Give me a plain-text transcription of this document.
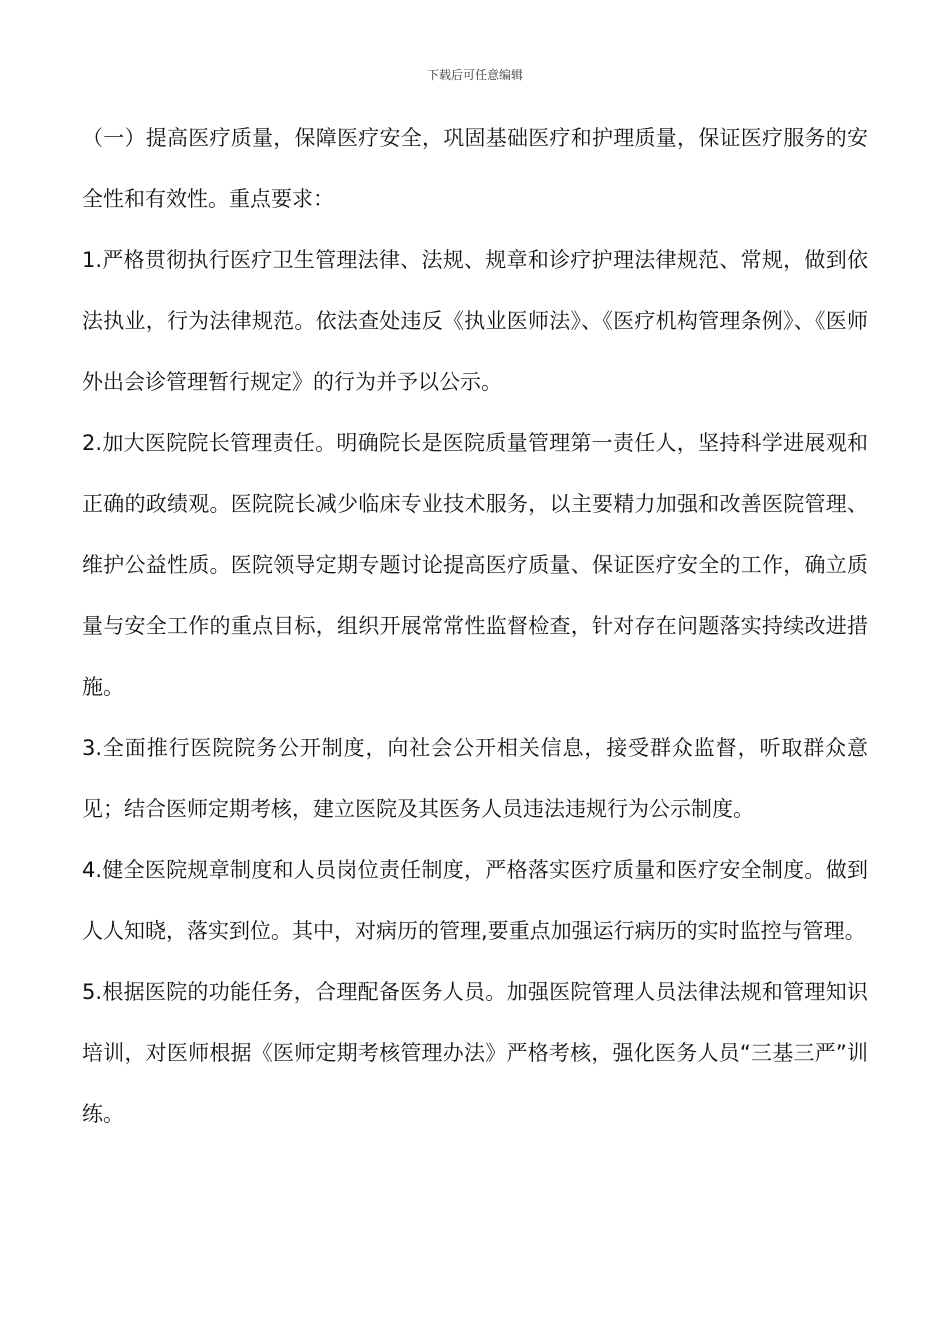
下载后可任意编辑

（一）提高医疗质量，保障医疗安全，巩固基础医疗和护理质量，保证医疗服务的安全性和有效性。重点要求：

1.严格贯彻执行医疗卫生管理法律、法规、规章和诊疗护理法律规范、常规，做到依法执业，行为法律规范。依法查处违反《执业医师法》、《医疗机构管理条例》、《医师外出会诊管理暂行规定》的行为并予以公示。

2.加大医院院长管理责任。明确院长是医院质量管理第一责任人，坚持科学进展观和正确的政绩观。医院院长减少临床专业技术服务，以主要精力加强和改善医院管理、维护公益性质。医院领导定期专题讨论提高医疗质量、保证医疗安全的工作，确立质量与安全工作的重点目标，组织开展常常性监督检查，针对存在问题落实持续改进措施。

3.全面推行医院院务公开制度，向社会公开相关信息，接受群众监督，听取群众意见；结合医师定期考核，建立医院及其医务人员违法违规行为公示制度。

4.健全医院规章制度和人员岗位责任制度，严格落实医疗质量和医疗安全制度。做到人人知晓，落实到位。其中，对病历的管理,要重点加强运行病历的实时监控与管理。

5.根据医院的功能任务，合理配备医务人员。加强医院管理人员法律法规和管理知识培训，对医师根据《医师定期考核管理办法》严格考核，强化医务人员“三基三严”训练。
